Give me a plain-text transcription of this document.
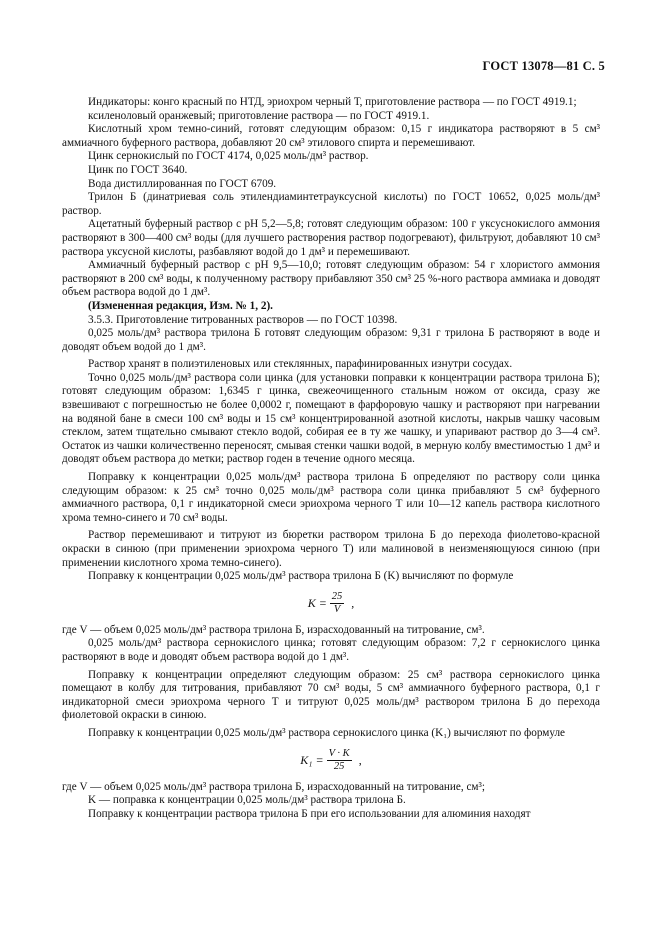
ГОСТ 13078—81 С. 5

Индикаторы: конго красный по НТД, эриохром черный Т, приготовление раствора — по ГОСТ 4919.1;

ксиленоловый оранжевый; приготовление раствора — по ГОСТ 4919.1.

Кислотный хром темно-синий, готовят следующим образом: 0,15 г индикатора растворяют в 5 см³ аммиачного буферного раствора, добавляют 20 см³ этилового спирта и перемешивают.

Цинк сернокислый по ГОСТ 4174, 0,025 моль/дм³ раствор.

Цинк по ГОСТ 3640.

Вода дистиллированная по ГОСТ 6709.

Трилон Б (динатриевая соль этилендиаминтетрауксусной кислоты) по ГОСТ 10652, 0,025 моль/дм³ раствор.

Ацетатный буферный раствор с pH 5,2—5,8; готовят следующим образом: 100 г уксуснокислого аммония растворяют в 300—400 см³ воды (для лучшего растворения раствор подогревают), фильтруют, добавляют 10 см³ раствора уксусной кислоты, разбавляют водой до 1 дм³ и перемешивают.

Аммиачный буферный раствор с pH 9,5—10,0; готовят следующим образом: 54 г хлористого аммония растворяют в 200 см³ воды, к полученному раствору прибавляют 350 см³ 25 %-ного раствора аммиака и доводят объем раствора водой до 1 дм³.

(Измененная редакция, Изм. № 1, 2).

3.5.3. Приготовление титрованных растворов — по ГОСТ 10398.

0,025 моль/дм³ раствора трилона Б готовят следующим образом: 9,31 г трилона Б растворяют в воде и доводят объем водой до 1 дм³.

Раствор хранят в полиэтиленовых или стеклянных, парафинированных изнутри сосудах.

Точно 0,025 моль/дм³ раствора соли цинка (для установки поправки к концентрации раствора трилона Б); готовят следующим образом: 1,6345 г цинка, свежеочищенного стальным ножом от оксида, сразу же взвешивают с погрешностью не более 0,0002 г, помещают в фарфоровую чашку и растворяют при нагревании на водяной бане в смеси 100 см³ воды и 15 см³ концентрированной азотной кислоты, накрыв чашку часовым стеклом, затем тщательно смывают стекло водой, собирая ее в ту же чашку, и упаривают раствор до 3—4 см³. Остаток из чашки количественно переносят, смывая стенки чашки водой, в мерную колбу вместимостью 1 дм³ и доводят объем раствора до метки; раствор годен в течение одного месяца.

Поправку к концентрации 0,025 моль/дм³ раствора трилона Б определяют по раствору соли цинка следующим образом: к 25 см³ точно 0,025 моль/дм³ раствора соли цинка прибавляют 5 см³ буферного аммиачного раствора, 0,1 г индикаторной смеси эриохрома черного Т или 10—12 капель раствора кислотного хрома темно-синего и 70 см³ воды.

Раствор перемешивают и титруют из бюретки раствором трилона Б до перехода фиолетово-красной окраски в синюю (при применении эриохрома черного Т) или малиновой в неизменяющуюся синюю (при применении кислотного хрома темно-синего).

Поправку к концентрации 0,025 моль/дм³ раствора трилона Б (K) вычисляют по формуле

$K = \frac{25}{V}$ ,

где V — объем 0,025 моль/дм³ раствора трилона Б, израсходованный на титрование, см³.

0,025 моль/дм³ раствора сернокислого цинка; готовят следующим образом: 7,2 г сернокислого цинка растворяют в воде и доводят объем раствора водой до 1 дм³.

Поправку к концентрации определяют следующим образом: 25 см³ раствора сернокислого цинка помещают в колбу для титрования, прибавляют 70 см³ воды, 5 см³ аммиачного буферного раствора, 0,1 г индикаторной смеси эриохрома черного Т и титруют 0,025 моль/дм³ раствором трилона Б до перехода фиолетовой окраски в синюю.

Поправку к концентрации 0,025 моль/дм³ раствора сернокислого цинка (K₁) вычисляют по формуле

$K_1 = \frac{V \cdot K}{25}$ ,

где V — объем 0,025 моль/дм³ раствора трилона Б, израсходованный на титрование, см³;

K — поправка к концентрации 0,025 моль/дм³ раствора трилона Б.

Поправку к концентрации раствора трилона Б при его использовании для алюминия находят
